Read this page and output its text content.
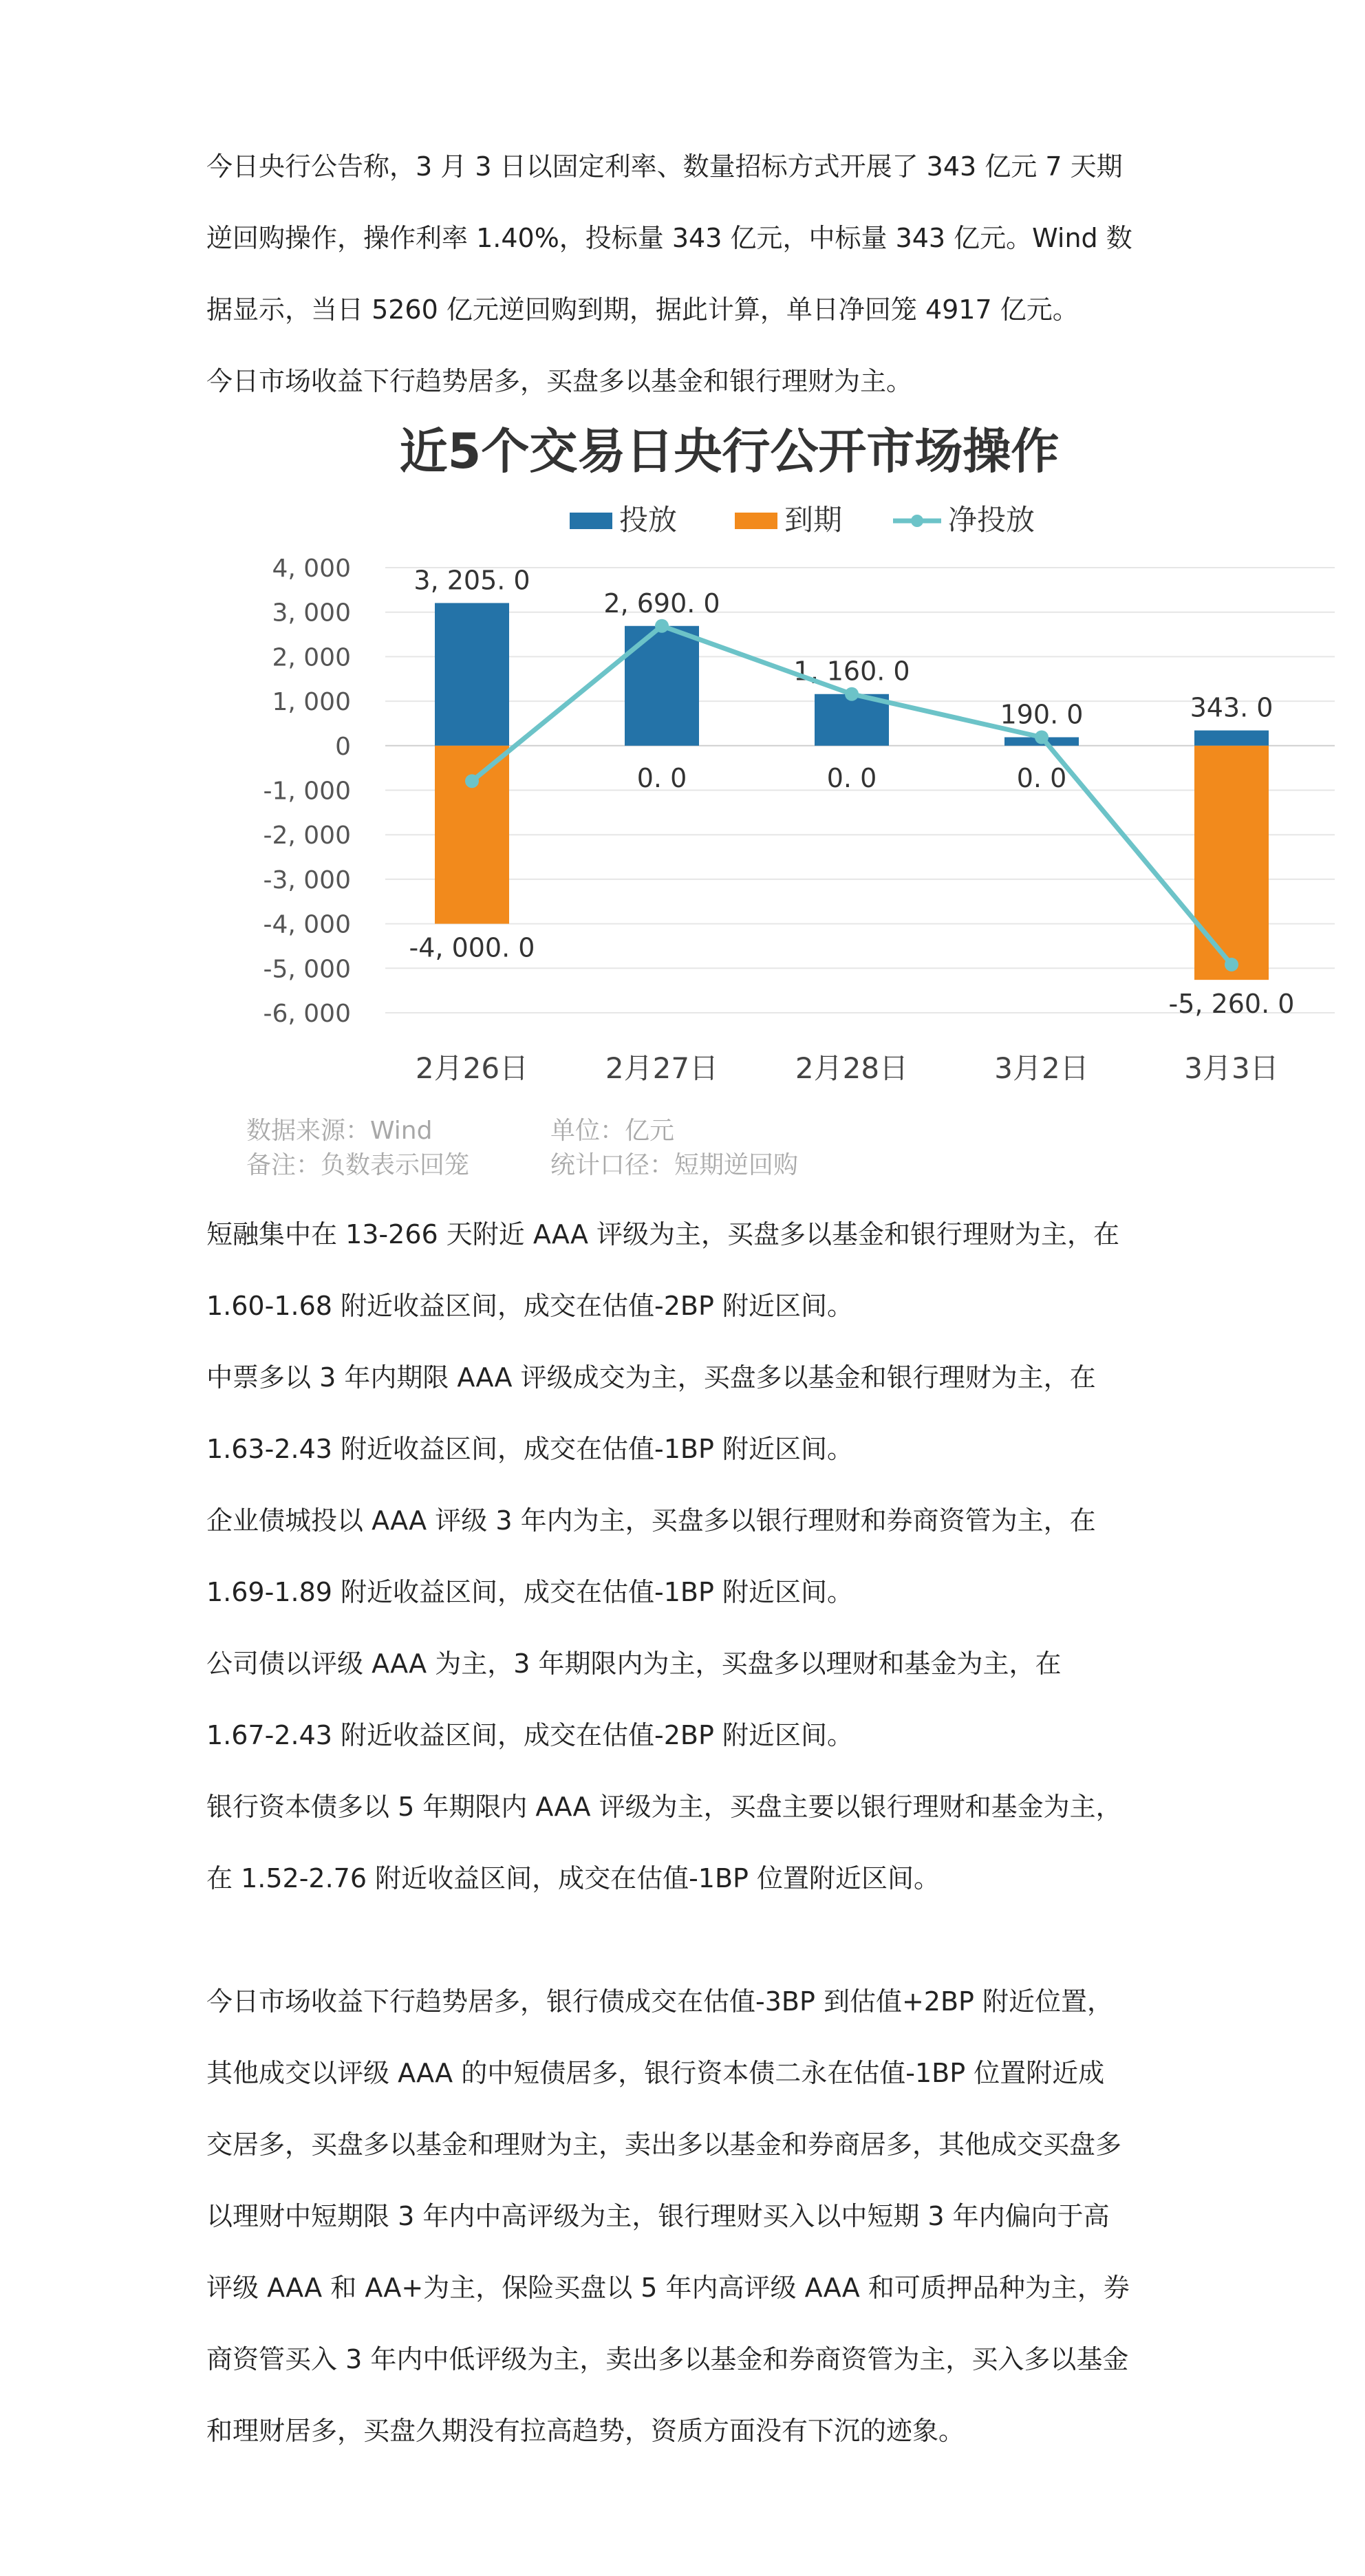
今日央行公告称，3 月 3 日以固定利率、数量招标方式开展了 343 亿元 7 天期

逆回购操作，操作利率 1.40%，投标量 343 亿元，中标量 343 亿元。Wind 数

据显示，当日 5260 亿元逆回购到期，据此计算，单日净回笼 4917 亿元。

今日市场收益下行趋势居多，买盘多以基金和银行理财为主。

近5个交易日央行公开市场操作
投放	到期	净投放
4, 000
3, 000
2, 000
1, 000
0
-1, 000
-2, 000
-3, 000
-4, 000
-5, 000
-6, 000
3, 205. 0
-4, 000. 0
2, 690. 0
0. 0
1, 160. 0
0. 0
190. 0
0. 0
343. 0
-5, 260. 0
2月26日	2月27日	2月28日	3月2日	3月3日
数据来源：Wind	单位：亿元
备注：负数表示回笼	统计口径：短期逆回购

短融集中在 13-266 天附近 AAA 评级为主，买盘多以基金和银行理财为主，在

1.60-1.68 附近收益区间，成交在估值-2BP 附近区间。

中票多以 3 年内期限 AAA 评级成交为主，买盘多以基金和银行理财为主，在

1.63-2.43 附近收益区间，成交在估值-1BP 附近区间。

企业债城投以 AAA 评级 3 年内为主，买盘多以银行理财和券商资管为主，在

1.69-1.89 附近收益区间，成交在估值-1BP 附近区间。

公司债以评级 AAA 为主，3 年期限内为主，买盘多以理财和基金为主，在

1.67-2.43 附近收益区间，成交在估值-2BP 附近区间。

银行资本债多以 5 年期限内 AAA 评级为主，买盘主要以银行理财和基金为主，

在 1.52-2.76 附近收益区间，成交在估值-1BP 位置附近区间。

今日市场收益下行趋势居多，银行债成交在估值-3BP 到估值+2BP 附近位置，

其他成交以评级 AAA 的中短债居多，银行资本债二永在估值-1BP 位置附近成

交居多，买盘多以基金和理财为主，卖出多以基金和券商居多，其他成交买盘多

以理财中短期限 3 年内中高评级为主，银行理财买入以中短期 3 年内偏向于高

评级 AAA 和 AA+为主，保险买盘以 5 年内高评级 AAA 和可质押品种为主，券

商资管买入 3 年内中低评级为主，卖出多以基金和券商资管为主，买入多以基金

和理财居多，买盘久期没有拉高趋势，资质方面没有下沉的迹象。
